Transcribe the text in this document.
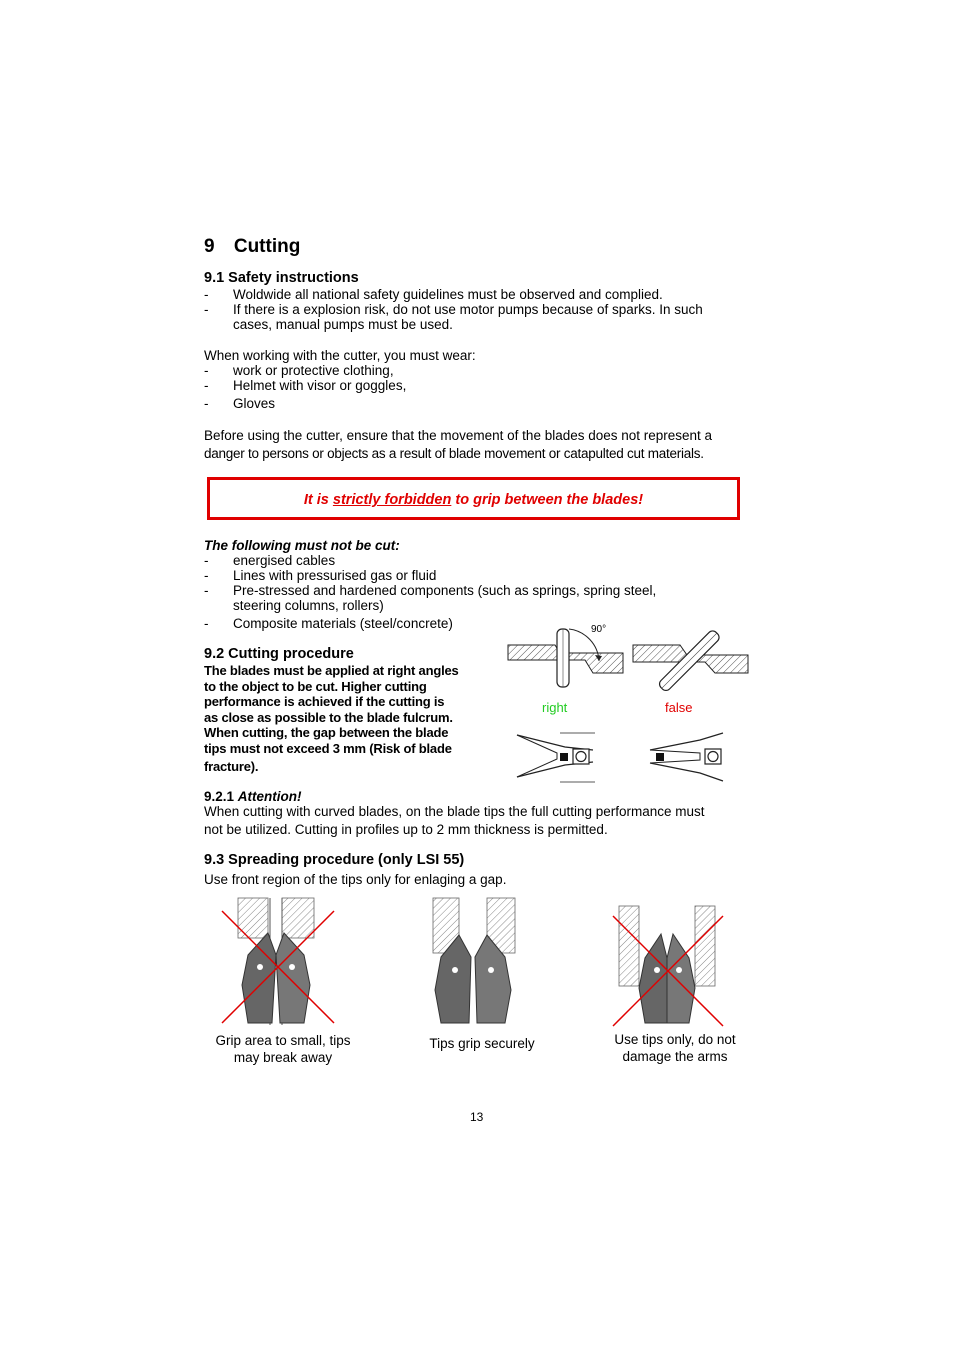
9 Cutting
9.1 Safety instructions
- Woldwide all national safety guidelines must be observed and complied.
- If there is a explosion risk, do not use motor pumps because of sparks. In such
cases, manual pumps must be used.
When working with the cutter, you must wear:
- work or protective clothing,
- Helmet with visor or goggles,
- Gloves
Before using the cutter, ensure that the movement of the blades does not represent a
danger to persons or objects as a result of blade movement or catapulted cut materials.
It is strictly forbidden to grip between the blades!
The following must not be cut:
- energised cables
- Lines with pressurised gas or fluid
- Pre-stressed and hardened components (such as springs, spring steel,
steering columns, rollers)
- Composite materials (steel/concrete)
9.2 Cutting procedure
The blades must be applied at right angles
to the object to be cut. Higher cutting
performance is achieved if the cutting is
as close as possible to the blade fulcrum.
When cutting, the gap between the blade
tips must not exceed 3 mm (Risk of blade
fracture).
90°
right	false
9.2.1 Attention!
When cutting with curved blades, on the blade tips the full cutting performance must
not be utilized. Cutting in profiles up to 2 mm thickness is permitted.
9.3 Spreading procedure (only LSI 55)
Use front region of the tips only for enlaging a gap.
Grip area to small, tips
may break away
Tips grip securely	Use tips only, do not
damage the arms
13
